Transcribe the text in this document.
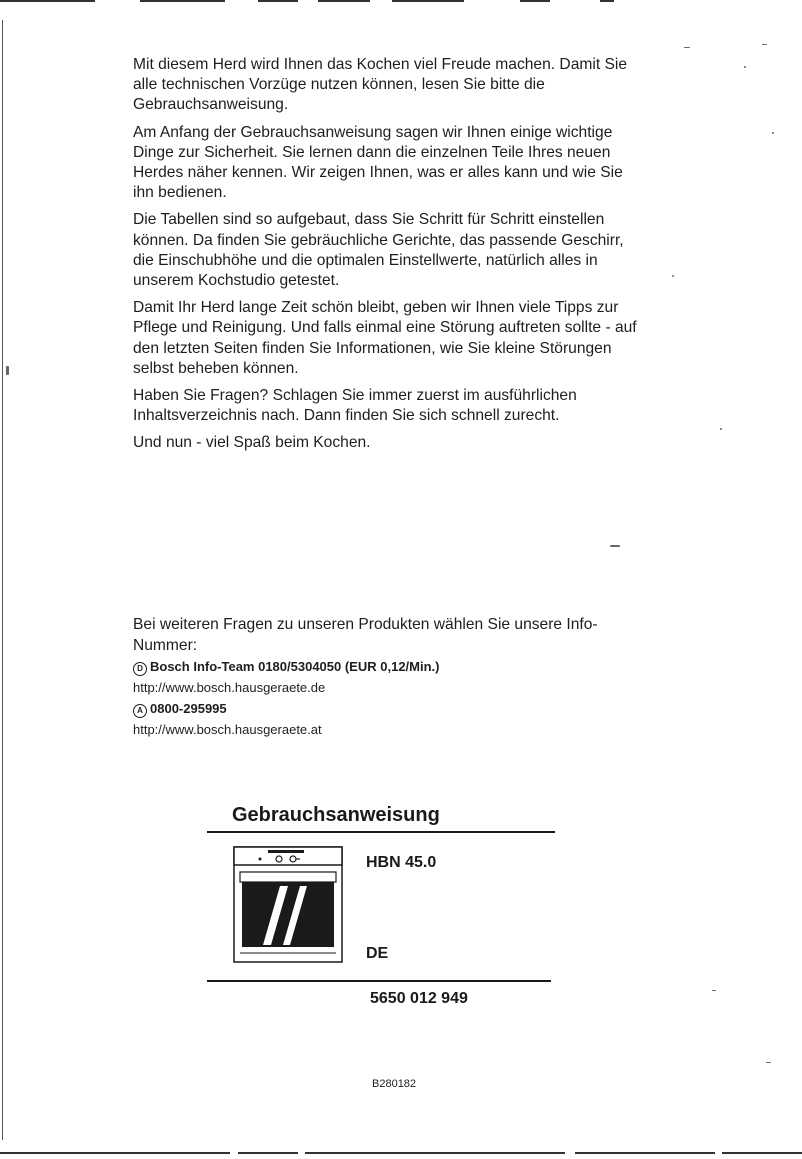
Mit diesem Herd wird Ihnen das Kochen viel Freude machen. Damit Sie alle technischen Vorzüge nutzen können, lesen Sie bitte die Gebrauchsanweisung.

Am Anfang der Gebrauchsanweisung sagen wir Ihnen einige wichtige Dinge zur Sicherheit. Sie lernen dann die einzelnen Teile Ihres neuen Herdes näher kennen. Wir zeigen Ihnen, was er alles kann und wie Sie ihn bedienen.

Die Tabellen sind so aufgebaut, dass Sie Schritt für Schritt einstellen können. Da finden Sie gebräuchliche Gerichte, das passende Geschirr, die Einschubhöhe und die optimalen Einstellwerte, natürlich alles in unserem Kochstudio getestet.

Damit Ihr Herd lange Zeit schön bleibt, geben wir Ihnen viele Tipps zur Pflege und Reinigung. Und falls einmal eine Störung auftreten sollte - auf den letzten Seiten finden Sie Informationen, wie Sie kleine Störungen selbst beheben können.

Haben Sie Fragen? Schlagen Sie immer zuerst im ausführlichen Inhaltsverzeichnis nach. Dann finden Sie sich schnell zurecht.

Und nun - viel Spaß beim Kochen.

Bei weiteren Fragen zu unseren Produkten wählen Sie unsere Info-Nummer:

D Bosch Info-Team 0180/5304050 (EUR 0,12/Min.)
http://www.bosch.hausgeraete.de
A 0800-295995
http://www.bosch.hausgeraete.at
Gebrauchsanweisung
HBN 45.0
DE
5650 012 949
B280182
